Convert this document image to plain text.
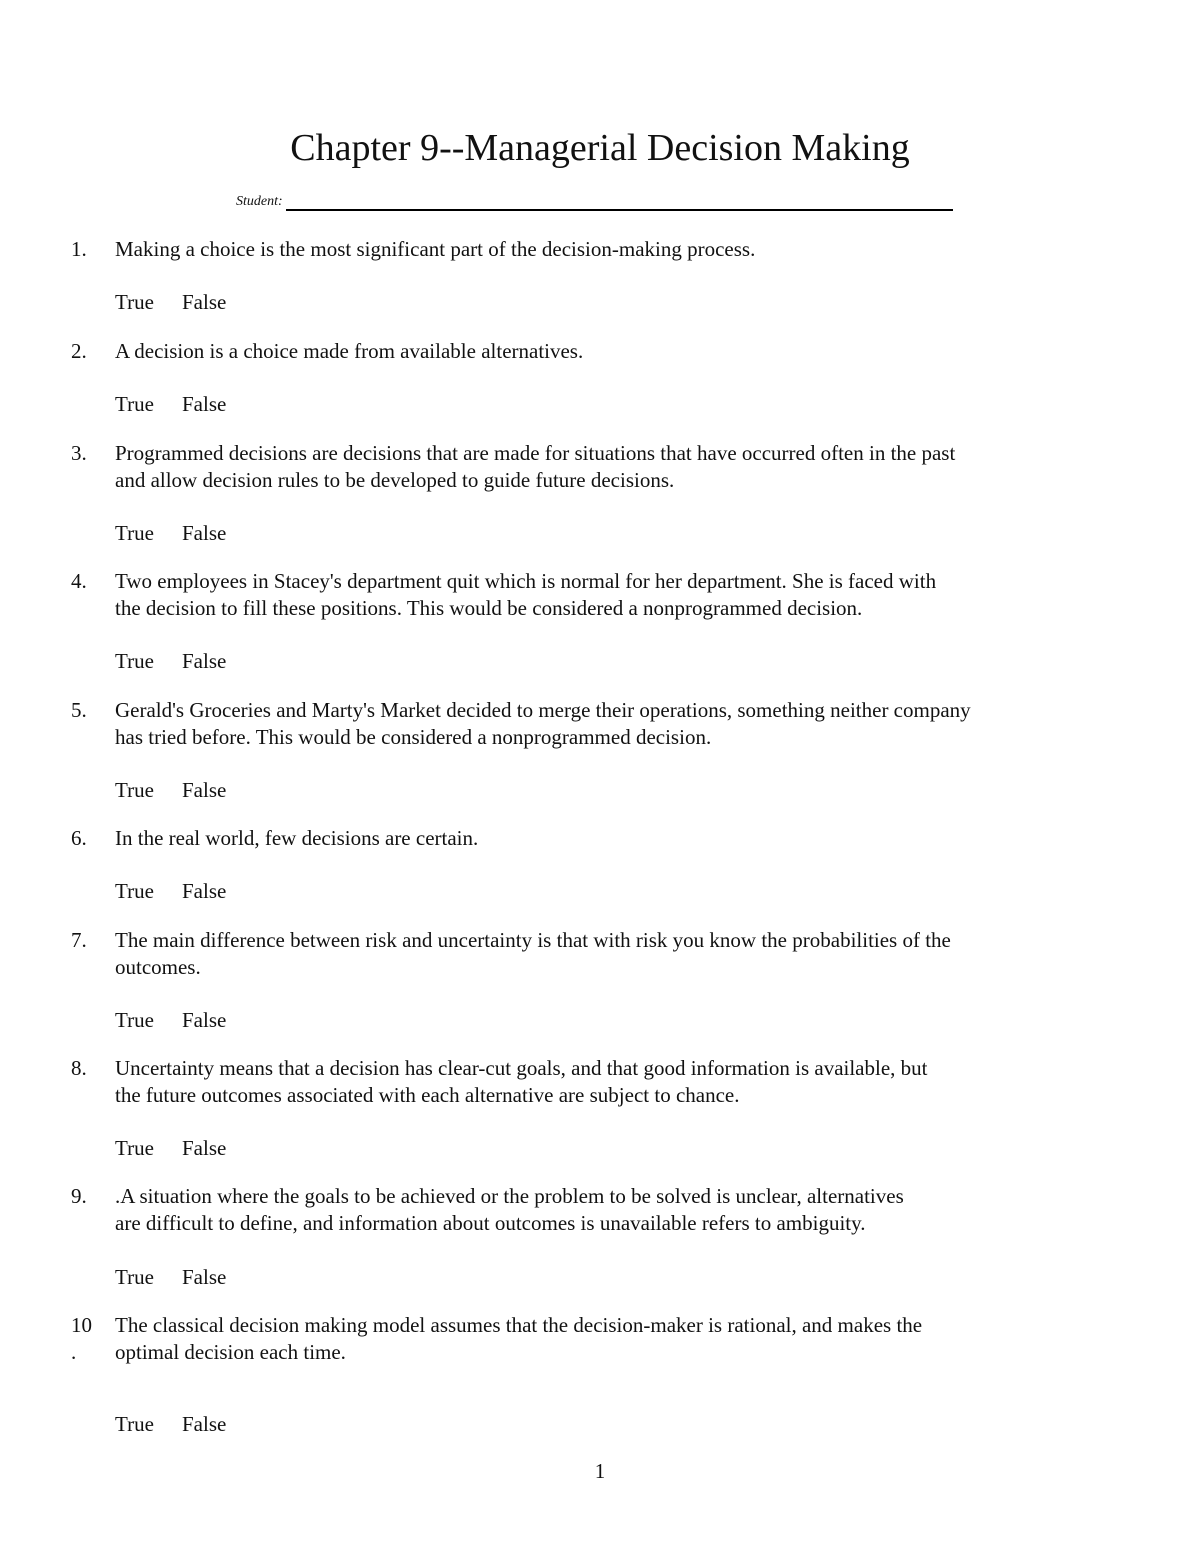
Chapter 9--Managerial Decision Making
Student:
1. Making a choice is the most significant part of the decision-making process.
True	False
2. A decision is a choice made from available alternatives.
True	False
3. Programmed decisions are decisions that are made for situations that have occurred often in the past
and allow decision rules to be developed to guide future decisions.
True	False
4. Two employees in Stacey's department quit which is normal for her department. She is faced with
the decision to fill these positions. This would be considered a nonprogrammed decision.
True	False
5. Gerald's Groceries and Marty's Market decided to merge their operations, something neither company
has tried before. This would be considered a nonprogrammed decision.
True	False
6. In the real world, few decisions are certain.
True	False
7. The main difference between risk and uncertainty is that with risk you know the probabilities of the
outcomes.
True	False
8. Uncertainty means that a decision has clear-cut goals, and that good information is available, but
the future outcomes associated with each alternative are subject to chance.
True	False
9. .A situation where the goals to be achieved or the problem to be solved is unclear, alternatives
are difficult to define, and information about outcomes is unavailable refers to ambiguity.
True	False
10
.
The classical decision making model assumes that the decision-maker is rational, and makes the
optimal decision each time.
True	False
1
